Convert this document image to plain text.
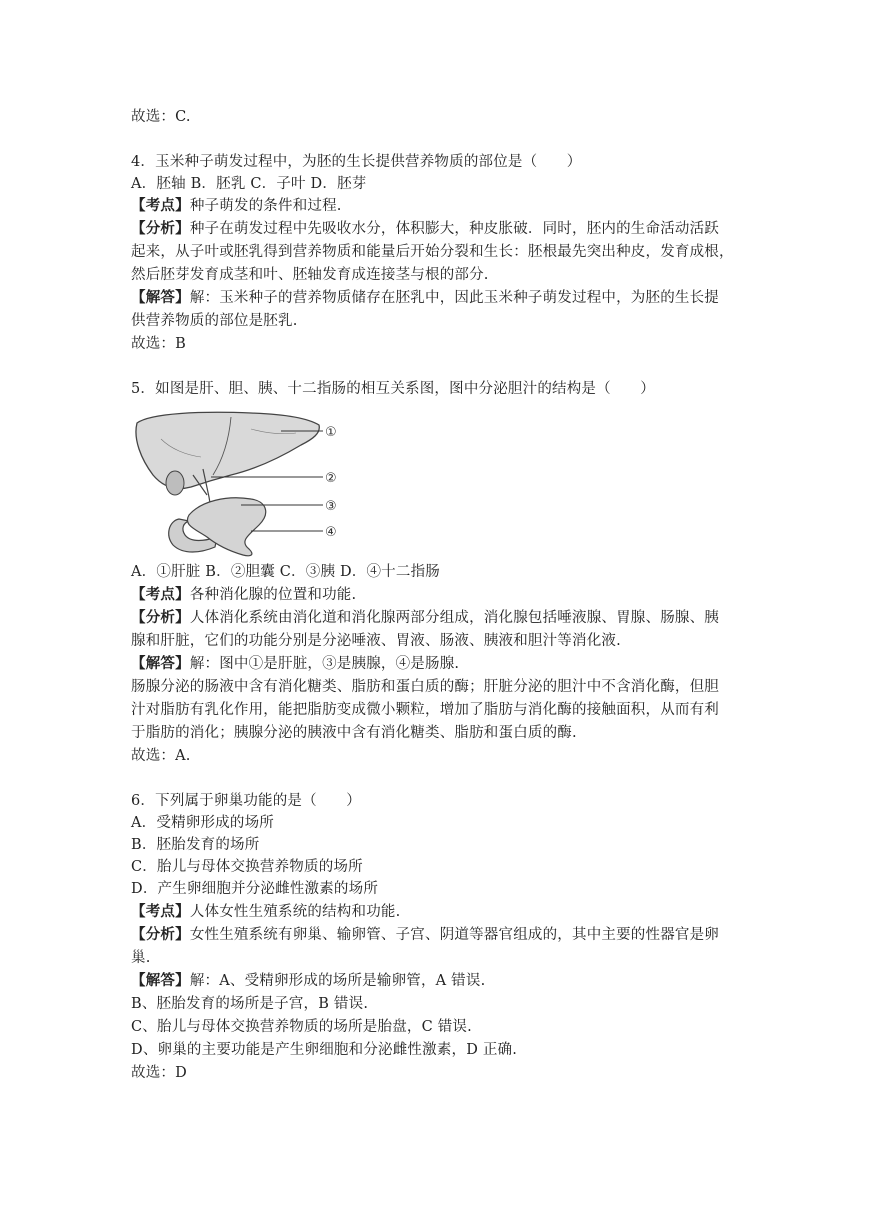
故选：C.
4．玉米种子萌发过程中，为胚的生长提供营养物质的部位是（　　）
A．胚轴 B．胚乳 C．子叶 D．胚芽
【考点】种子萌发的条件和过程.
【分析】种子在萌发过程中先吸收水分，体积膨大，种皮胀破．同时，胚内的生命活动活跃
起来，从子叶或胚乳得到营养物质和能量后开始分裂和生长：胚根最先突出种皮，发育成根，
然后胚芽发育成茎和叶、胚轴发育成连接茎与根的部分.
【解答】解：玉米种子的营养物质储存在胚乳中，因此玉米种子萌发过程中，为胚的生长提
供营养物质的部位是胚乳.
故选：B
5．如图是肝、胆、胰、十二指肠的相互关系图，图中分泌胆汁的结构是（　　）
①
②
③
④
A．①肝脏 B．②胆囊 C．③胰 D．④十二指肠
【考点】各种消化腺的位置和功能.
【分析】人体消化系统由消化道和消化腺两部分组成，消化腺包括唾液腺、胃腺、肠腺、胰
腺和肝脏，它们的功能分别是分泌唾液、胃液、肠液、胰液和胆汁等消化液.
【解答】解：图中①是肝脏，③是胰腺，④是肠腺.
肠腺分泌的肠液中含有消化糖类、脂肪和蛋白质的酶；肝脏分泌的胆汁中不含消化酶，但胆
汁对脂肪有乳化作用，能把脂肪变成微小颗粒，增加了脂肪与消化酶的接触面积，从而有利
于脂肪的消化；胰腺分泌的胰液中含有消化糖类、脂肪和蛋白质的酶.
故选：A.
6．下列属于卵巢功能的是（　　）
A．受精卵形成的场所
B．胚胎发育的场所
C．胎儿与母体交换营养物质的场所
D．产生卵细胞并分泌雌性激素的场所
【考点】人体女性生殖系统的结构和功能.
【分析】女性生殖系统有卵巢、输卵管、子宫、阴道等器官组成的，其中主要的性器官是卵
巢.
【解答】解：A、受精卵形成的场所是输卵管，A 错误.
B、胚胎发育的场所是子宫，B 错误.
C、胎儿与母体交换营养物质的场所是胎盘，C 错误.
D、卵巢的主要功能是产生卵细胞和分泌雌性激素，D 正确.
故选：D
